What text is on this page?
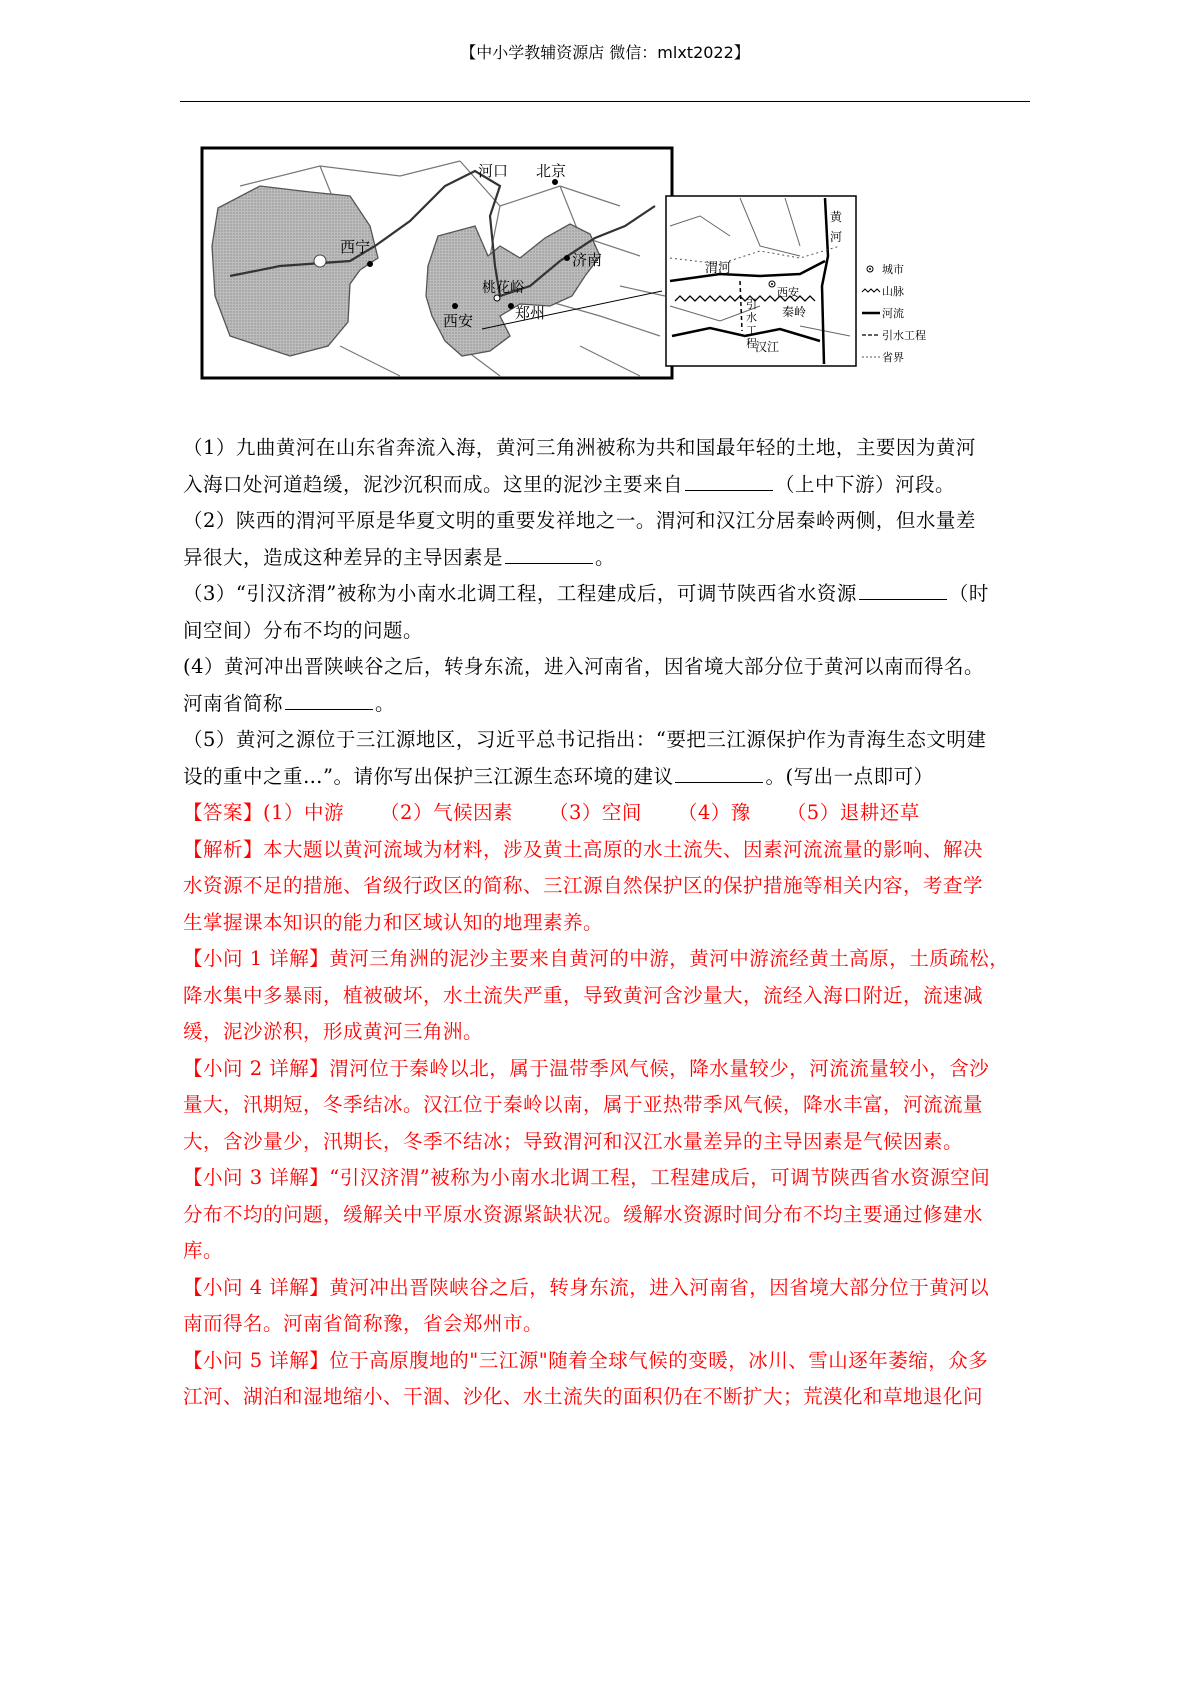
【中小学教辅资源店 微信：mlxt2022】
河口 北京
西宁
济南
桃花峪
西安	郑州
黄
河
渭河
西安
秦岭
汉江
引
水
工
程
城市
山脉
河流
引水工程
省界

（1）九曲黄河在山东省奔流入海，黄河三角洲被称为共和国最年轻的土地，主要因为黄河

入海口处河道趋缓，泥沙沉积而成。这里的泥沙主要来自	（上中下游）河段。

（2）陕西的渭河平原是华夏文明的重要发祥地之一。渭河和汉江分居秦岭两侧，但水量差

异很大，造成这种差异的主导因素是	。

（3）“引汉济渭”被称为小南水北调工程，工程建成后，可调节陕西省水资源	（时

间空间）分布不均的问题。

(4）黄河冲出晋陕峡谷之后，转身东流，进入河南省，因省境大部分位于黄河以南而得名。

河南省简称	。

（5）黄河之源位于三江源地区，习近平总书记指出：“要把三江源保护作为青海生态文明建

设的重中之重…”。请你写出保护三江源生态环境的建议	。(写出一点即可）

【答案】(1）中游 （2）气候因素 （3）空间 （4）豫 （5）退耕还草

【解析】本大题以黄河流域为材料，涉及黄土高原的水土流失、因素河流流量的影响、解决

水资源不足的措施、省级行政区的简称、三江源自然保护区的保护措施等相关内容，考查学

生掌握课本知识的能力和区域认知的地理素养。

【小问 1 详解】黄河三角洲的泥沙主要来自黄河的中游，黄河中游流经黄土高原，土质疏松，

降水集中多暴雨，植被破坏，水土流失严重，导致黄河含沙量大，流经入海口附近，流速减

缓，泥沙淤积，形成黄河三角洲。

【小问 2 详解】渭河位于秦岭以北，属于温带季风气候，降水量较少，河流流量较小，含沙

量大，汛期短，冬季结冰。汉江位于秦岭以南，属于亚热带季风气候，降水丰富，河流流量

大，含沙量少，汛期长，冬季不结冰；导致渭河和汉江水量差异的主导因素是气候因素。

【小问 3 详解】“引汉济渭”被称为小南水北调工程，工程建成后，可调节陕西省水资源空间

分布不均的问题，缓解关中平原水资源紧缺状况。缓解水资源时间分布不均主要通过修建水

库。

【小问 4 详解】黄河冲出晋陕峡谷之后，转身东流，进入河南省，因省境大部分位于黄河以

南而得名。河南省简称豫，省会郑州市。

【小问 5 详解】位于高原腹地的"三江源"随着全球气候的变暖，冰川、雪山逐年萎缩，众多

江河、湖泊和湿地缩小、干涸、沙化、水土流失的面积仍在不断扩大；荒漠化和草地退化问
